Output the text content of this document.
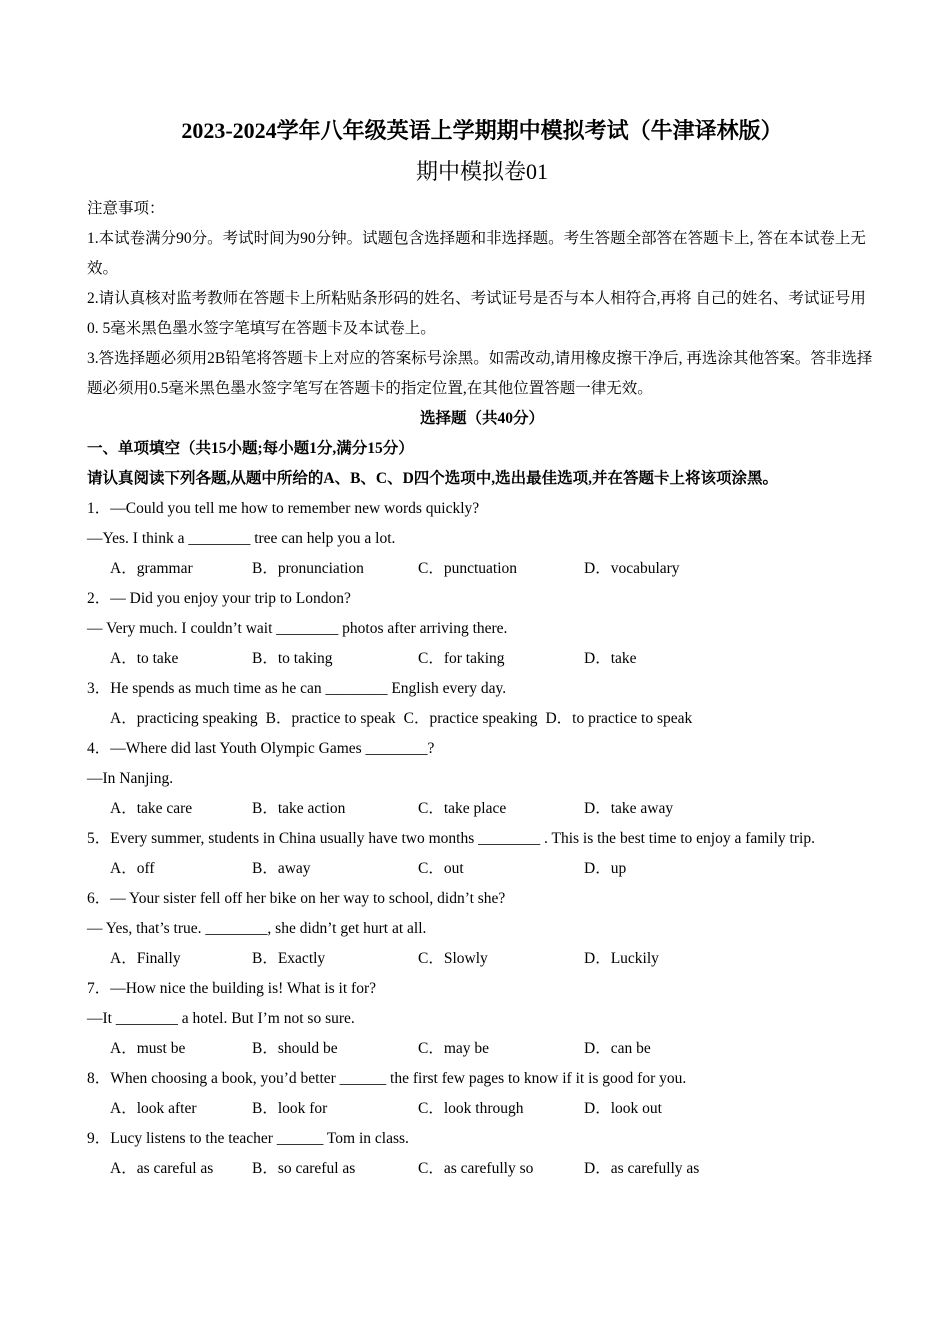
2023-2024学年八年级英语上学期期中模拟考试（牛津译林版）
期中模拟卷01
注意事项：
1.本试卷满分90分。考试时间为90分钟。试题包含选择题和非选择题。考生答题全部答在答题卡上, 答在本试卷上无效。
2.请认真核对监考教师在答题卡上所粘贴条形码的姓名、考试证号是否与本人相符合,再将 自己的姓名、考试证号用0. 5毫米黑色墨水签字笔填写在答题卡及本试卷上。
3.答选择题必须用2B铅笔将答题卡上对应的答案标号涂黑。如需改动,请用橡皮擦干净后, 再选涂其他答案。答非选择题必须用0.5毫米黑色墨水签字笔写在答题卡的指定位置,在其他位置答题一律无效。
选择题（共40分）
一、单项填空（共15小题;每小题1分,满分15分）
请认真阅读下列各题,从题中所给的A、B、C、D四个选项中,选出最佳选项,并在答题卡上将该项涂黑。
1．—Could you tell me how to remember new words quickly?
—Yes. I think a ________ tree can help you a lot.
A．grammar	B．pronunciation	C．punctuation	D．vocabulary
2．— Did you enjoy your trip to London?
— Very much. I couldn’t wait ________ photos after arriving there.
A．to take	B．to taking	C．for taking	D．take
3．He spends as much time as he can ________ English every day.
A．practicing speaking B．practice to speak C．practice speaking D．to practice to speak
4．—Where did last Youth Olympic Games ________?
—In Nanjing.
A．take care	B．take action	C．take place	D．take away
5．Every summer, students in China usually have two months ________ . This is the best time to enjoy a family trip.
A．off	B．away	C．out	D．up
6．— Your sister fell off her bike on her way to school, didn’t she?
— Yes, that’s true. ________, she didn’t get hurt at all.
A．Finally	B．Exactly	C．Slowly	D．Luckily
7．—How nice the building is! What is it for?
—It ________ a hotel. But I’m not so sure.
A．must be	B．should be	C．may be	D．can be
8．When choosing a book, you’d better ______ the first few pages to know if it is good for you.
A．look after	B．look for	C．look through	D．look out
9．Lucy listens to the teacher ______ Tom in class.
A．as careful as	B．so careful as	C．as carefully so	D．as carefully as
